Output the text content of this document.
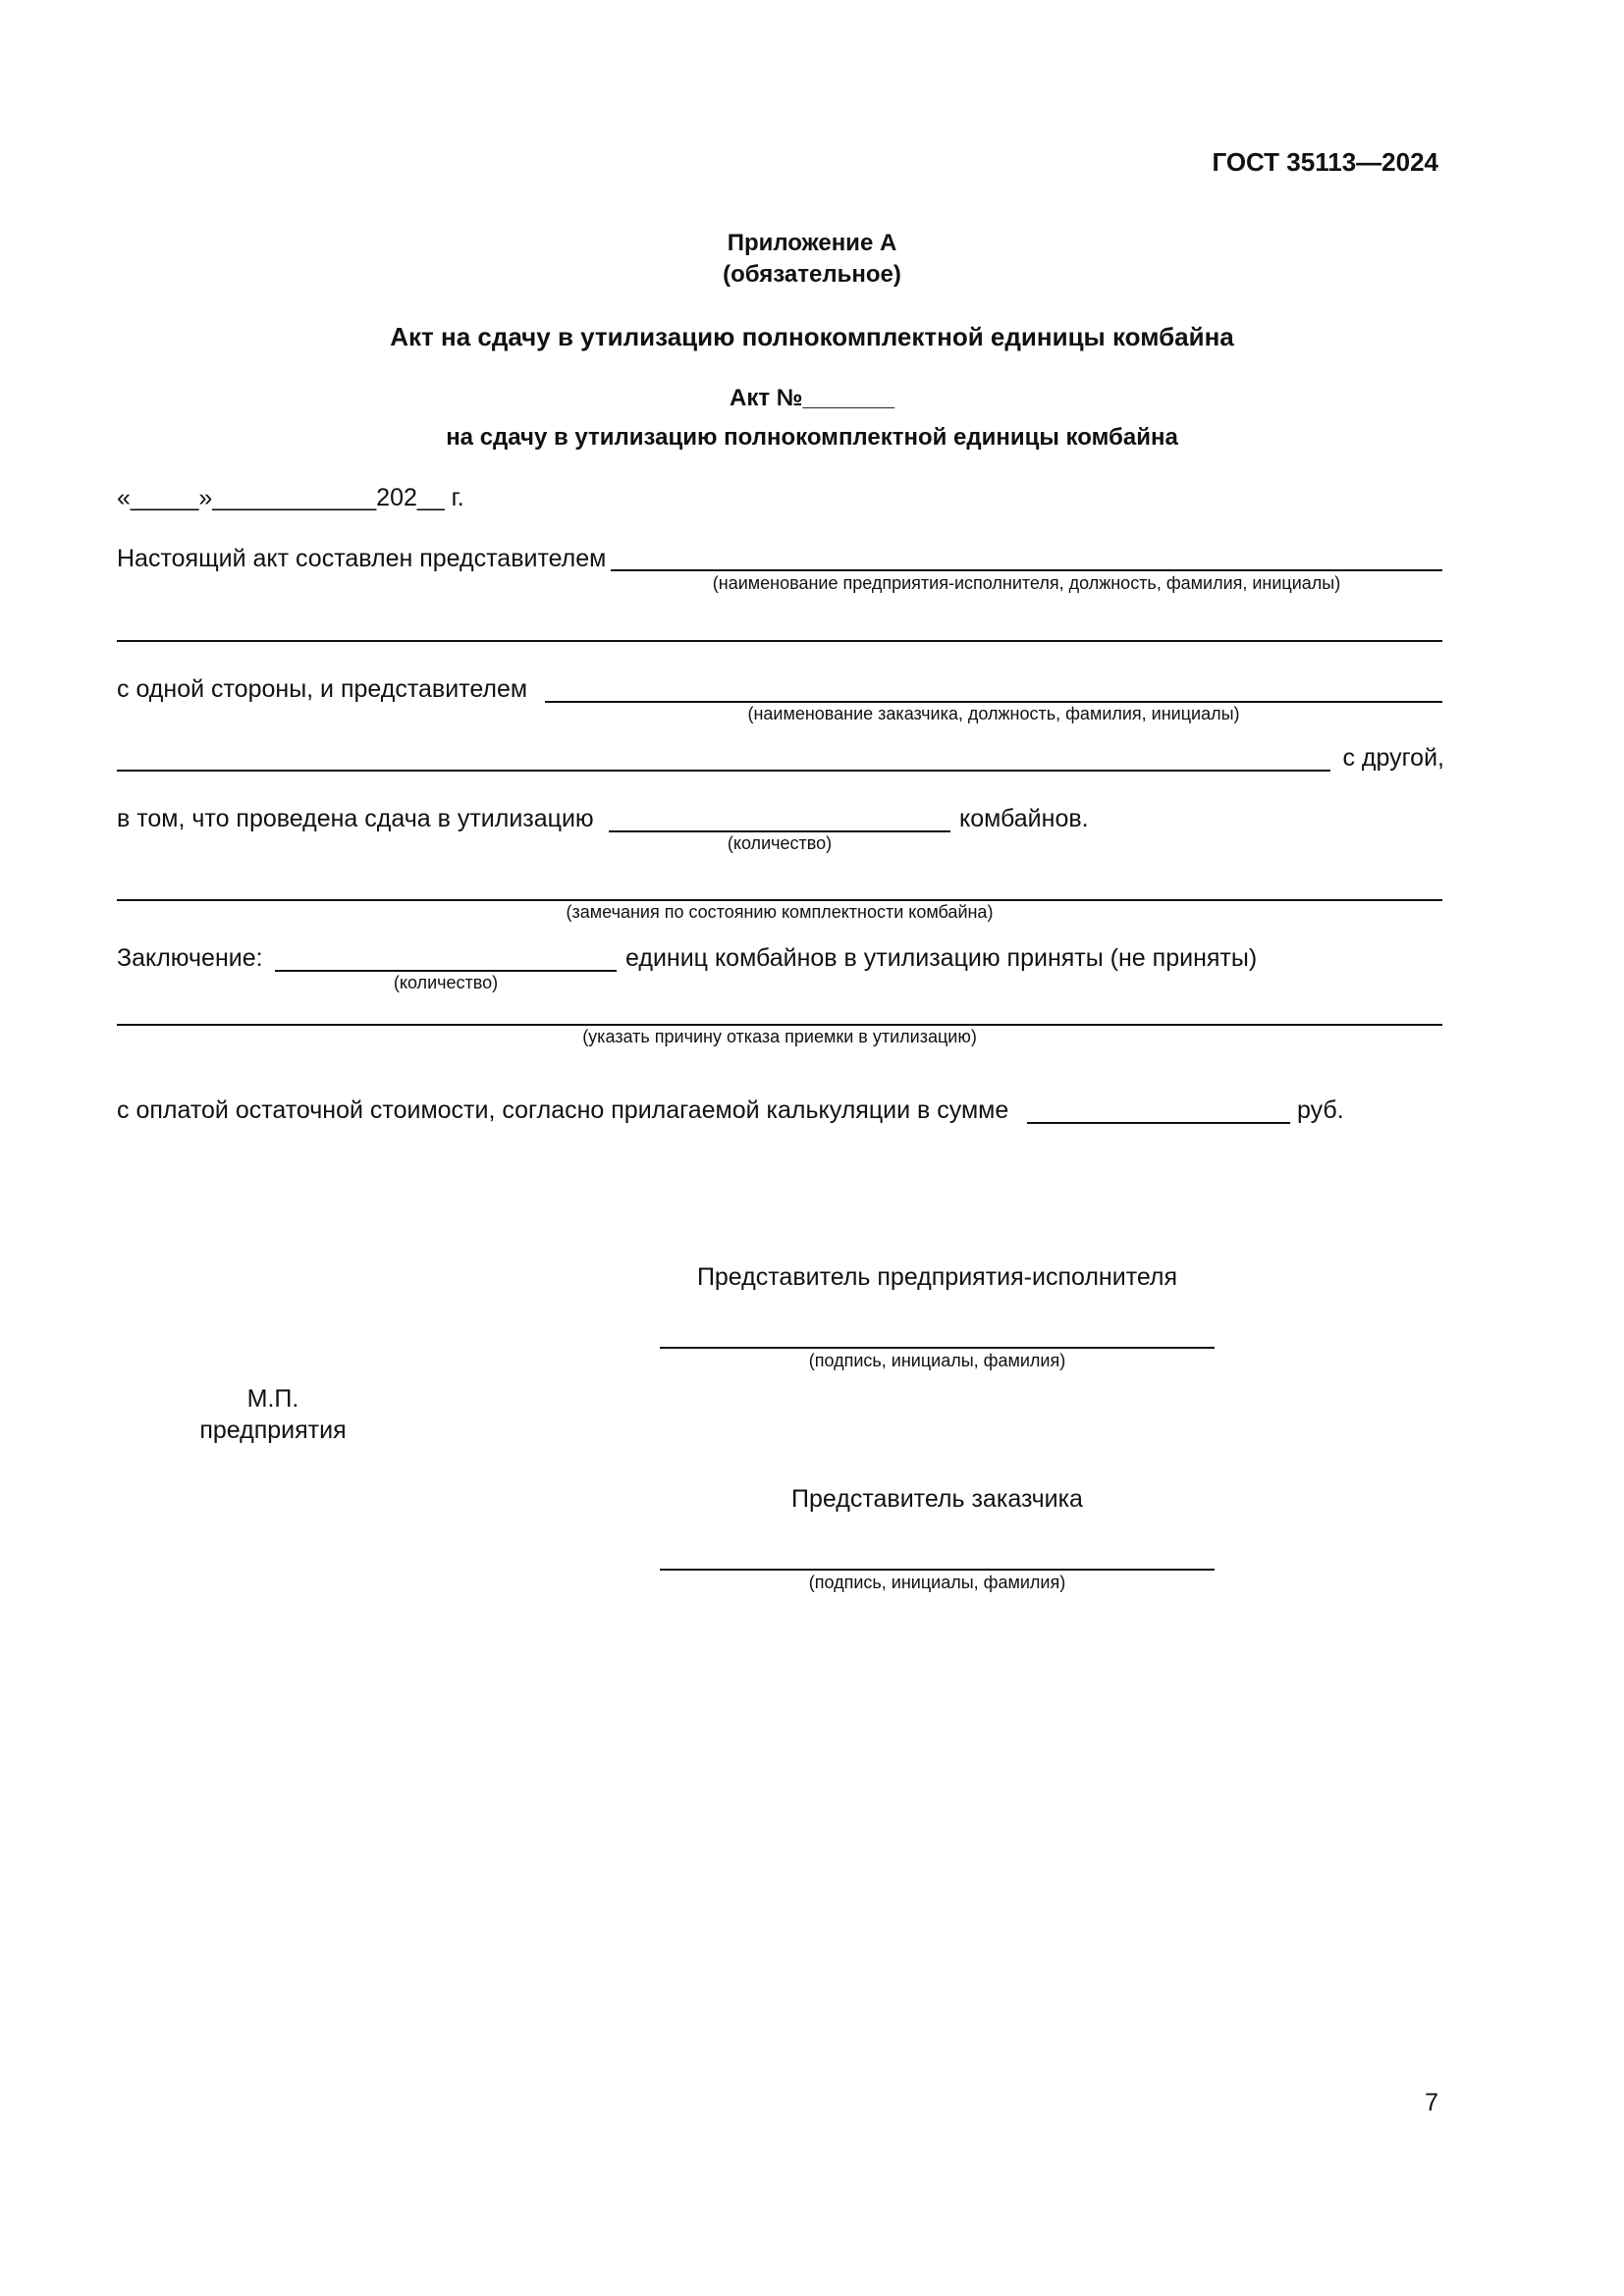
ГОСТ 35113—2024
Приложение А
(обязательное)
Акт на сдачу в утилизацию полнокомплектной единицы комбайна
Акт №_______
на сдачу в утилизацию полнокомплектной единицы комбайна
«_____»____________202__ г.
Настоящий акт составлен представителем
(наименование предприятия-исполнителя, должность, фамилия, инициалы)
с одной стороны, и представителем
(наименование заказчика, должность, фамилия, инициалы)
с другой,
в том, что проведена сдача в утилизацию
(количество)
комбайнов.
(замечания по состоянию комплектности комбайна)
Заключение:
(количество)
единиц комбайнов в утилизацию приняты (не приняты)
(указать причину отказа приемки в утилизацию)
с оплатой остаточной стоимости, согласно прилагаемой калькуляции в сумме	руб.
Представитель предприятия-исполнителя
(подпись, инициалы, фамилия)
М.П.
предприятия
Представитель заказчика
(подпись, инициалы, фамилия)
7
